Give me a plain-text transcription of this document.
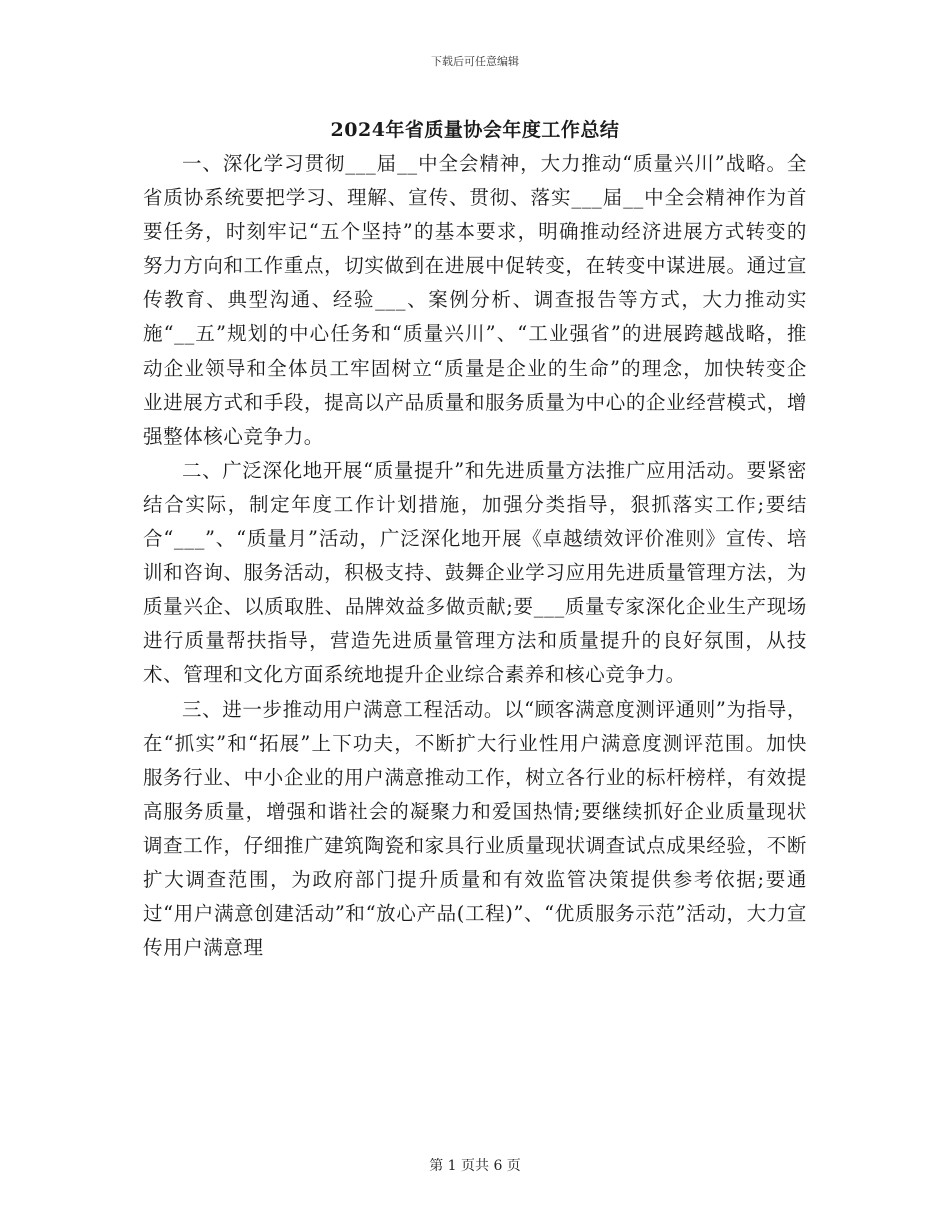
下载后可任意编辑
2024年省质量协会年度工作总结

一、深化学习贯彻___届__中全会精神，大力推动“质量兴川”战略。全省质协系统要把学习、理解、宣传、贯彻、落实___届__中全会精神作为首要任务，时刻牢记“五个坚持”的基本要求，明确推动经济进展方式转变的努力方向和工作重点，切实做到在进展中促转变，在转变中谋进展。通过宣传教育、典型沟通、经验___、案例分析、调查报告等方式，大力推动实施“__五”规划的中心任务和“质量兴川”、“工业强省”的进展跨越战略，推动企业领导和全体员工牢固树立“质量是企业的生命”的理念，加快转变企业进展方式和手段，提高以产品质量和服务质量为中心的企业经营模式，增强整体核心竞争力。

二、广泛深化地开展“质量提升”和先进质量方法推广应用活动。要紧密结合实际，制定年度工作计划措施，加强分类指导，狠抓落实工作;要结合“___”、“质量月”活动，广泛深化地开展《卓越绩效评价准则》宣传、培训和咨询、服务活动，积极支持、鼓舞企业学习应用先进质量管理方法，为质量兴企、以质取胜、品牌效益多做贡献;要___质量专家深化企业生产现场进行质量帮扶指导，营造先进质量管理方法和质量提升的良好氛围，从技术、管理和文化方面系统地提升企业综合素养和核心竞争力。

三、进一步推动用户满意工程活动。以“顾客满意度测评通则”为指导，在“抓实”和“拓展”上下功夫，不断扩大行业性用户满意度测评范围。加快服务行业、中小企业的用户满意推动工作，树立各行业的标杆榜样，有效提高服务质量，增强和谐社会的凝聚力和爱国热情;要继续抓好企业质量现状调查工作，仔细推广建筑陶瓷和家具行业质量现状调查试点成果经验，不断扩大调查范围，为政府部门提升质量和有效监管决策提供参考依据;要通过“用户满意创建活动”和“放心产品(工程)”、“优质服务示范”活动，大力宣传用户满意理

第 1 页共 6 页
